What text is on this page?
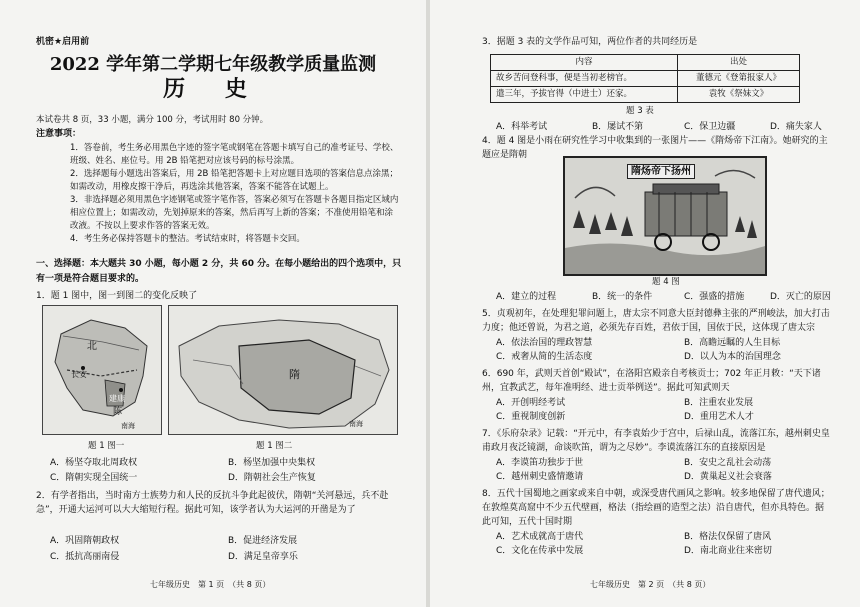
机密★启用前
2022 学年第二学期七年级教学质量监测
历 史
本试卷共 8 页，33 小题，满分 100 分，考试用时 80 分钟。
注意事项：
1．答卷前，考生务必用黑色字迹的签字笔或钢笔在答题卡填写自己的准考证号、学校、班级、姓名、座位号。用 2B 铅笔把对应该号码的标号涂黑。
2．选择题每小题选出答案后，用 2B 铅笔把答题卡上对应题目选项的答案信息点涂黑；如需改动，用橡皮擦干净后，再选涂其他答案，答案不能答在试题上。
3．非选择题必须用黑色字迹钢笔或签字笔作答，答案必须写在答题卡各题目指定区域内相应位置上；如需改动，先划掉原来的答案，然后再写上新的答案；不准使用铅笔和涂改液。不按以上要求作答的答案无效。
4．考生务必保持答题卡的整洁。考试结束时，将答题卡交回。
一、选择题：本大题共 30 小题，每小题 2 分，共 60 分。在每小题给出的四个选项中，只有一项是符合题目要求的。
1．题 1 图中，图一到图二的变化反映了
北
长安
建康
陈
南海
隋
南海
题 1 图一	题 1 图二
A．杨坚夺取北周政权	B．杨坚加强中央集权
C．隋朝实现全国统一	D．隋朝社会生产恢复
2．有学者指出，当时南方士族势力和人民的反抗斗争此起彼伏，隋朝“关河悬远，兵不赴急”，开通大运河可以大大缩短行程。据此可知，该学者认为大运河的开凿是为了
A．巩固隋朝政权	B．促进经济发展
C．抵抗高丽南侵	D．满足皇帝享乐
七年级历史　第 1 页　（共 8 页）
3．据题 3 表的文学作品可知，两位作者的共同经历是
内容	出处
故乡苦问登科事，便是当初老榜官。	董德元《登第报家人》
遣三年，予拔官得（中进士）还家。	袁牧《祭妹文》
题 3 表
A．科举考试	B．屡试不第	C．保卫边疆	D．痛失家人
4．题 4 图是小雨在研究性学习中收集到的一张图片——《隋炀帝下江南》。她研究的主题应是隋朝
隋炀帝下扬州
题 4 图
A．建立的过程	B．统一的条件	C．强盛的措施	D．灭亡的原因
5．贞观初年，在处理犯罪问题上，唐太宗不同意大臣封德彝主张的严刑峻法，加大打击力度；他还曾说，为君之道，必须先存百姓，君依于国，国依于民，这体现了唐太宗
A．依法治国的理政智慧	B．高瞻远瞩的人生目标
C．戒奢从简的生活态度	D．以人为本的治国理念
6．690 年，武则天首创“殿试”，在洛阳宫殿亲自考核贡士；702 年正月敕：“天下诸州，宜教武艺，每年准明经、进士贡举例送”。据此可知武则天
A．开创明经考试	B．注重农业发展
C．重视制度创新	D．重用艺术人才
7．《乐府杂录》记载：“开元中，有李袁始少于宫中，后禄山乱，流落江东，越州刺史皇甫政月夜泛镜湖，命谈吹笛，谓为之尽妙”。李谟流落江东的直接原因是
A．李谟笛功独步于世	B．安史之乱社会动荡
C．越州刺史盛情邀请	D．黄巢起义社会衰落
8．五代十国蜀地之画家或来自中朝，或深受唐代画风之影响。较多地保留了唐代遗风；在敦煌莫高窟中不少五代壁画，格法（指绘画的造型之法）沿自唐代，但亦具特色。据此可知，五代十国时期
A．艺术成就高于唐代	B．格法仅保留了唐风
C．文化在传承中发展	D．南北商业往来密切
七年级历史　第 2 页　（共 8 页）
